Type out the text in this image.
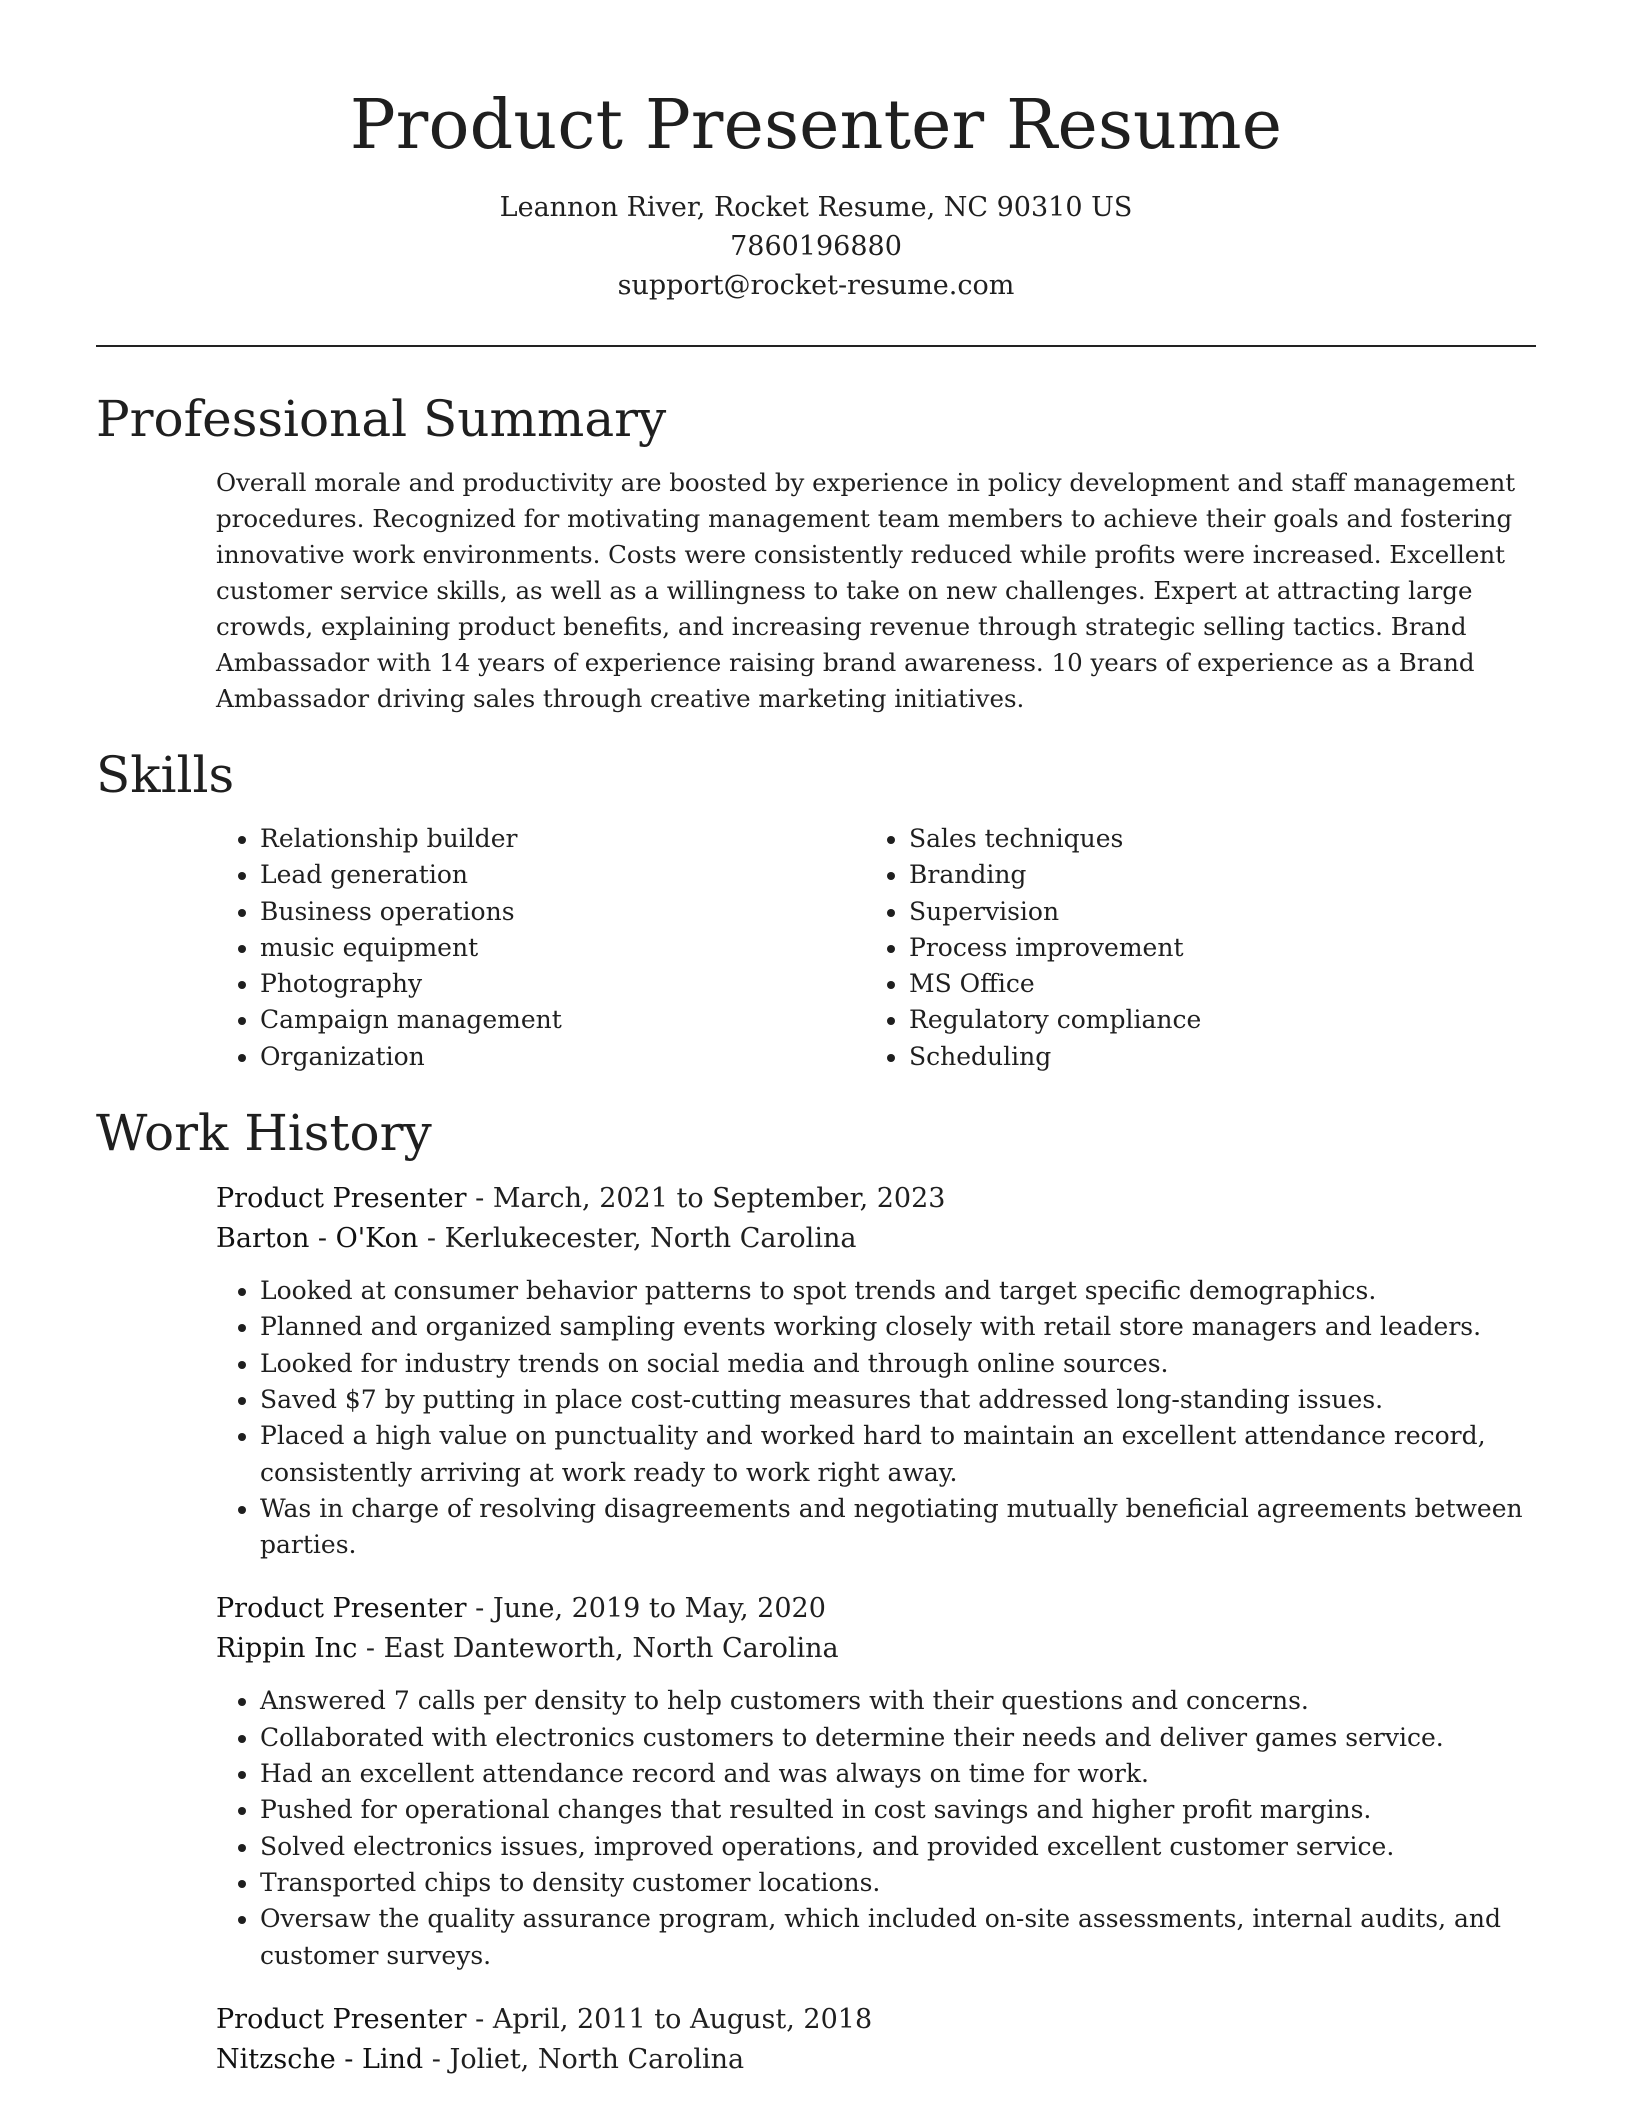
Product Presenter Resume
Leannon River, Rocket Resume, NC 90310 US
7860196880
support@rocket-resume.com
Professional Summary

Overall morale and productivity are boosted by experience in policy development and staff management procedures. Recognized for motivating management team members to achieve their goals and fostering innovative work environments. Costs were consistently reduced while profits were increased. Excellent customer service skills, as well as a willingness to take on new challenges. Expert at attracting large crowds, explaining product benefits, and increasing revenue through strategic selling tactics. Brand Ambassador with 14 years of experience raising brand awareness. 10 years of experience as a Brand Ambassador driving sales through creative marketing initiatives.

Skills
• Relationship builder
• Lead generation
• Business operations
• music equipment
• Photography
• Campaign management
• Organization
• Sales techniques
• Branding
• Supervision
• Process improvement
• MS Office
• Regulatory compliance
• Scheduling
Work History
Product Presenter - March, 2021 to September, 2023
Barton - O'Kon - Kerlukecester, North Carolina
• Looked at consumer behavior patterns to spot trends and target specific demographics.
• Planned and organized sampling events working closely with retail store managers and leaders.
• Looked for industry trends on social media and through online sources.
• Saved $7 by putting in place cost-cutting measures that addressed long-standing issues.
• Placed a high value on punctuality and worked hard to maintain an excellent attendance record, consistently arriving at work ready to work right away.
• Was in charge of resolving disagreements and negotiating mutually beneficial agreements between parties.
Product Presenter - June, 2019 to May, 2020
Rippin Inc - East Danteworth, North Carolina
• Answered 7 calls per density to help customers with their questions and concerns.
• Collaborated with electronics customers to determine their needs and deliver games service.
• Had an excellent attendance record and was always on time for work.
• Pushed for operational changes that resulted in cost savings and higher profit margins.
• Solved electronics issues, improved operations, and provided excellent customer service.
• Transported chips to density customer locations.
• Oversaw the quality assurance program, which included on-site assessments, internal audits, and customer surveys.
Product Presenter - April, 2011 to August, 2018
Nitzsche - Lind - Joliet, North Carolina
